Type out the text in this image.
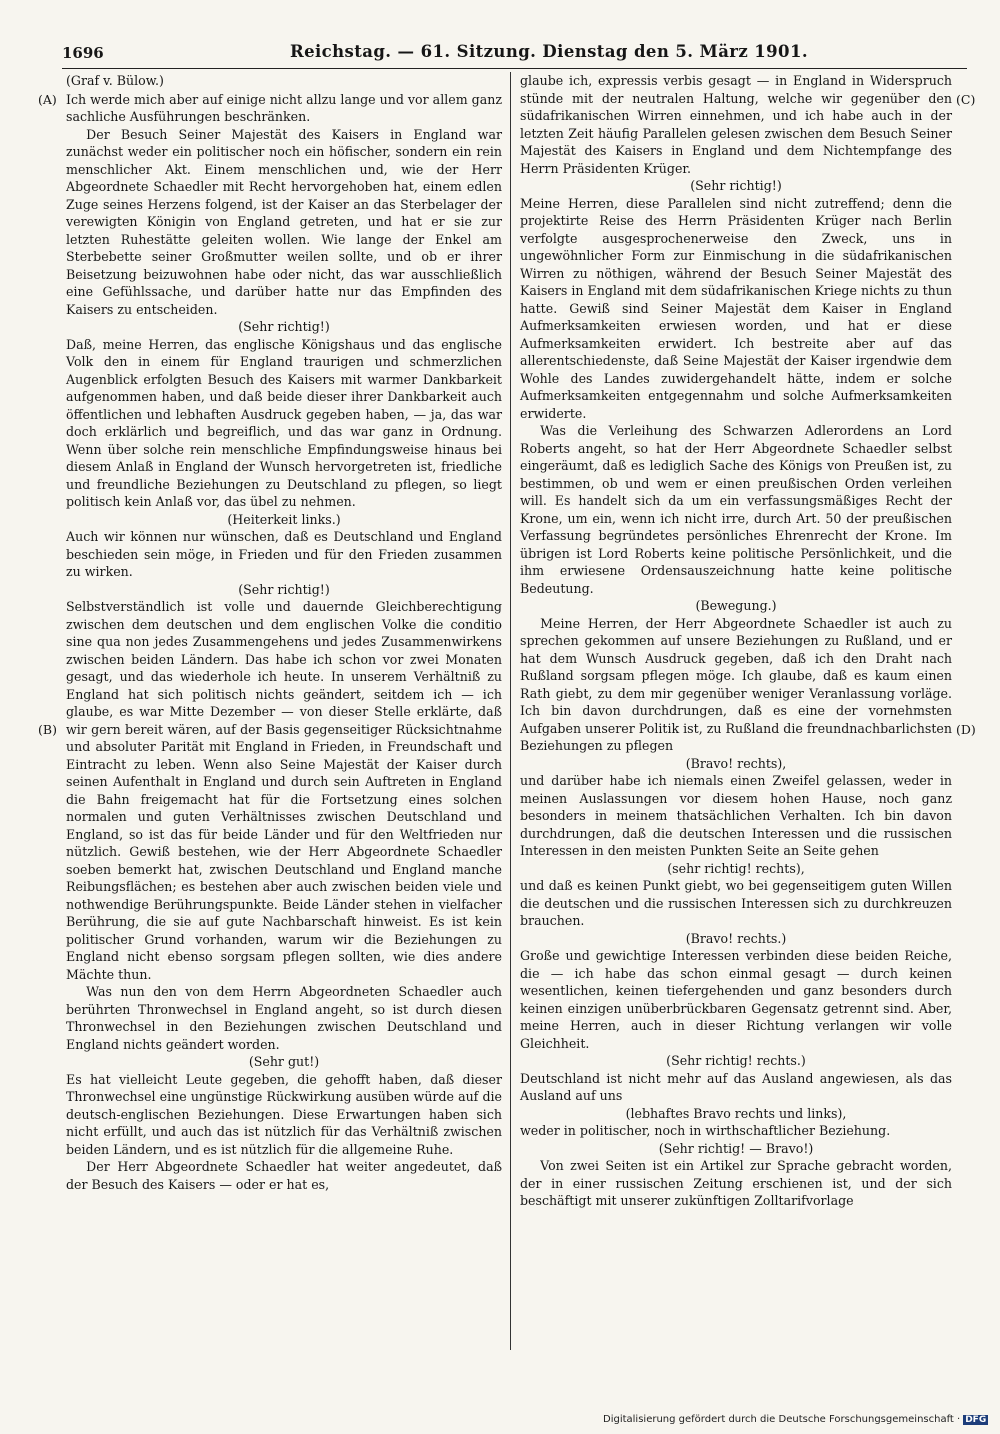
1696	Reichstag. — 61. Sitzung. Dienstag den 5. März 1901.
(A)
(B)
(C)
(D)

(Graf v. Bülow.)

Ich werde mich aber auf einige nicht allzu lange und vor allem ganz sachliche Ausführungen beschränken.

Der Besuch Seiner Majestät des Kaisers in England war zunächst weder ein politischer noch ein höfischer, sondern ein rein menschlicher Akt. Einem menschlichen und, wie der Herr Abgeordnete Schaedler mit Recht hervorgehoben hat, einem edlen Zuge seines Herzens folgend, ist der Kaiser an das Sterbelager der verewigten Königin von England getreten, und hat er sie zur letzten Ruhestätte geleiten wollen. Wie lange der Enkel am Sterbebette seiner Großmutter weilen sollte, und ob er ihrer Beisetzung beizuwohnen habe oder nicht, das war ausschließlich eine Gefühlssache, und darüber hatte nur das Empfinden des Kaisers zu entscheiden.

(Sehr richtig!)

Daß, meine Herren, das englische Königshaus und das englische Volk den in einem für England traurigen und schmerzlichen Augenblick erfolgten Besuch des Kaisers mit warmer Dankbarkeit aufgenommen haben, und daß beide dieser ihrer Dankbarkeit auch öffentlichen und lebhaften Ausdruck gegeben haben, — ja, das war doch erklärlich und begreiflich, und das war ganz in Ordnung. Wenn über solche rein menschliche Empfindungsweise hinaus bei diesem Anlaß in England der Wunsch hervorgetreten ist, friedliche und freundliche Beziehungen zu Deutschland zu pflegen, so liegt politisch kein Anlaß vor, das übel zu nehmen.

(Heiterkeit links.)

Auch wir können nur wünschen, daß es Deutschland und England beschieden sein möge, in Frieden und für den Frieden zusammen zu wirken.

(Sehr richtig!)

Selbstverständlich ist volle und dauernde Gleichberechtigung zwischen dem deutschen und dem englischen Volke die conditio sine qua non jedes Zusammengehens und jedes Zusammenwirkens zwischen beiden Ländern. Das habe ich schon vor zwei Monaten gesagt, und das wiederhole ich heute. In unserem Verhältniß zu England hat sich politisch nichts geändert, seitdem ich — ich glaube, es war Mitte Dezember — von dieser Stelle erklärte, daß wir gern bereit wären, auf der Basis gegenseitiger Rücksichtnahme und absoluter Parität mit England in Frieden, in Freundschaft und Eintracht zu leben. Wenn also Seine Majestät der Kaiser durch seinen Aufenthalt in England und durch sein Auftreten in England die Bahn freigemacht hat für die Fortsetzung eines solchen normalen und guten Verhältnisses zwischen Deutschland und England, so ist das für beide Länder und für den Weltfrieden nur nützlich. Gewiß bestehen, wie der Herr Abgeordnete Schaedler soeben bemerkt hat, zwischen Deutschland und England manche Reibungsflächen; es bestehen aber auch zwischen beiden viele und nothwendige Berührungspunkte. Beide Länder stehen in vielfacher Berührung, die sie auf gute Nachbarschaft hinweist. Es ist kein politischer Grund vorhanden, warum wir die Beziehungen zu England nicht ebenso sorgsam pflegen sollten, wie dies andere Mächte thun.

Was nun den von dem Herrn Abgeordneten Schaedler auch berührten Thronwechsel in England angeht, so ist durch diesen Thronwechsel in den Beziehungen zwischen Deutschland und England nichts geändert worden.

(Sehr gut!)

Es hat vielleicht Leute gegeben, die gehofft haben, daß dieser Thronwechsel eine ungünstige Rückwirkung ausüben würde auf die deutsch-englischen Beziehungen. Diese Erwartungen haben sich nicht erfüllt, und auch das ist nützlich für das Verhältniß zwischen beiden Ländern, und es ist nützlich für die allgemeine Ruhe.

Der Herr Abgeordnete Schaedler hat weiter angedeutet, daß der Besuch des Kaisers — oder er hat es,

glaube ich, expressis verbis gesagt — in England in Widerspruch stünde mit der neutralen Haltung, welche wir gegenüber den südafrikanischen Wirren einnehmen, und ich habe auch in der letzten Zeit häufig Parallelen gelesen zwischen dem Besuch Seiner Majestät des Kaisers in England und dem Nichtempfange des Herrn Präsidenten Krüger.

(Sehr richtig!)

Meine Herren, diese Parallelen sind nicht zutreffend; denn die projektirte Reise des Herrn Präsidenten Krüger nach Berlin verfolgte ausgesprochenerweise den Zweck, uns in ungewöhnlicher Form zur Einmischung in die südafrikanischen Wirren zu nöthigen, während der Besuch Seiner Majestät des Kaisers in England mit dem südafrikanischen Kriege nichts zu thun hatte. Gewiß sind Seiner Majestät dem Kaiser in England Aufmerksamkeiten erwiesen worden, und hat er diese Aufmerksamkeiten erwidert. Ich bestreite aber auf das allerentschiedenste, daß Seine Majestät der Kaiser irgendwie dem Wohle des Landes zuwidergehandelt hätte, indem er solche Aufmerksamkeiten entgegennahm und solche Aufmerksamkeiten erwiderte.

Was die Verleihung des Schwarzen Adlerordens an Lord Roberts angeht, so hat der Herr Abgeordnete Schaedler selbst eingeräumt, daß es lediglich Sache des Königs von Preußen ist, zu bestimmen, ob und wem er einen preußischen Orden verleihen will. Es handelt sich da um ein verfassungsmäßiges Recht der Krone, um ein, wenn ich nicht irre, durch Art. 50 der preußischen Verfassung begründetes persönliches Ehrenrecht der Krone. Im übrigen ist Lord Roberts keine politische Persönlichkeit, und die ihm erwiesene Ordensauszeichnung hatte keine politische Bedeutung.

(Bewegung.)

Meine Herren, der Herr Abgeordnete Schaedler ist auch zu sprechen gekommen auf unsere Beziehungen zu Rußland, und er hat dem Wunsch Ausdruck gegeben, daß ich den Draht nach Rußland sorgsam pflegen möge. Ich glaube, daß es kaum einen Rath giebt, zu dem mir gegenüber weniger Veranlassung vorläge. Ich bin davon durchdrungen, daß es eine der vornehmsten Aufgaben unserer Politik ist, zu Rußland die freundnachbarlichsten Beziehungen zu pflegen

(Bravo! rechts),

und darüber habe ich niemals einen Zweifel gelassen, weder in meinen Auslassungen vor diesem hohen Hause, noch ganz besonders in meinem thatsächlichen Verhalten. Ich bin davon durchdrungen, daß die deutschen Interessen und die russischen Interessen in den meisten Punkten Seite an Seite gehen

(sehr richtig! rechts),

und daß es keinen Punkt giebt, wo bei gegenseitigem guten Willen die deutschen und die russischen Interessen sich zu durchkreuzen brauchen.

(Bravo! rechts.)

Große und gewichtige Interessen verbinden diese beiden Reiche, die — ich habe das schon einmal gesagt — durch keinen wesentlichen, keinen tiefergehenden und ganz besonders durch keinen einzigen unüberbrückbaren Gegensatz getrennt sind. Aber, meine Herren, auch in dieser Richtung verlangen wir volle Gleichheit.

(Sehr richtig! rechts.)

Deutschland ist nicht mehr auf das Ausland angewiesen, als das Ausland auf uns

(lebhaftes Bravo rechts und links),

weder in politischer, noch in wirthschaftlicher Beziehung.

(Sehr richtig! — Bravo!)

Von zwei Seiten ist ein Artikel zur Sprache gebracht worden, der in einer russischen Zeitung erschienen ist, und der sich beschäftigt mit unserer zukünftigen Zolltarifvorlage

Digitalisierung gefördert durch die Deutsche Forschungsgemeinschaft · DFG
